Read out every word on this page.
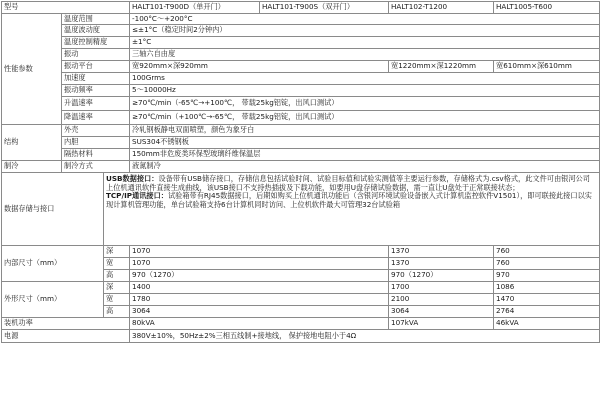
型号			HALT101-T900D（单开门）	HALT101-T900S（双开门）	HALT102-T1200	HALT1005-T600
性能参数	温度范围		-100°C～+200°C			
	温度波动度		≤±1°C（稳定时间2分钟内）			
	温度控制精度		±1°C			
	振动		三轴六自由度			
	振动平台		宽920mm×深920mm		宽1220mm×深1220mm	宽610mm×深610mm
	加速度		100Grms			
	振动频率		5～10000Hz			
	升温速率		≥70℃/min（-65℃→+100℃， 带载25kg铝锭，出风口测试）			
	降温速率		≥70℃/min（+100℃→-65℃， 带载25kg铝锭，出风口测试）			
结构	外壳		冷轧钢板静电双面喷塑，颜色为象牙白			
	内胆		SUS304不锈钢板			
	隔热材料		150mm非危废类环保型玻璃纤维保温层			
制冷	制冷方式		液氮制冷			
数据存储与接口		USB数据接口：设备带有USB储存接口，存储信息包括试验时间、试验目标值和试验实测值等主要运行参数，存储格式为.csv格式，此文件可由银河公司上位机通讯软件直接生成曲线，该USB接口不支持热插拔及下载功能，如要用U盘存储试验数据，需一直让U盘处于正常联接状态；
TCP/IP通讯接口：试验箱带有RJ45数据接口，后期如购买上位机通讯功能后（含银河环境试验设备嵌入式计算机监控软件V1501），即可联接此接口以实现计算机管理功能，单台试验箱支持6台计算机同时访问、上位机软件最大可管理32台试验箱				

内部尺寸（mm）		深	1070		1370	760
		宽	1070		1370	760
		高	970（1270）		970（1270）	970
外形尺寸（mm）		深	1400		1700	1086
		宽	1780		2100	1470
		高	3064		3064	2764
装机功率			80kVA		107kVA	46kVA
电源			380V±10%，50Hz±2%三相五线制+接地线， 保护接地电阻小于4Ω			
